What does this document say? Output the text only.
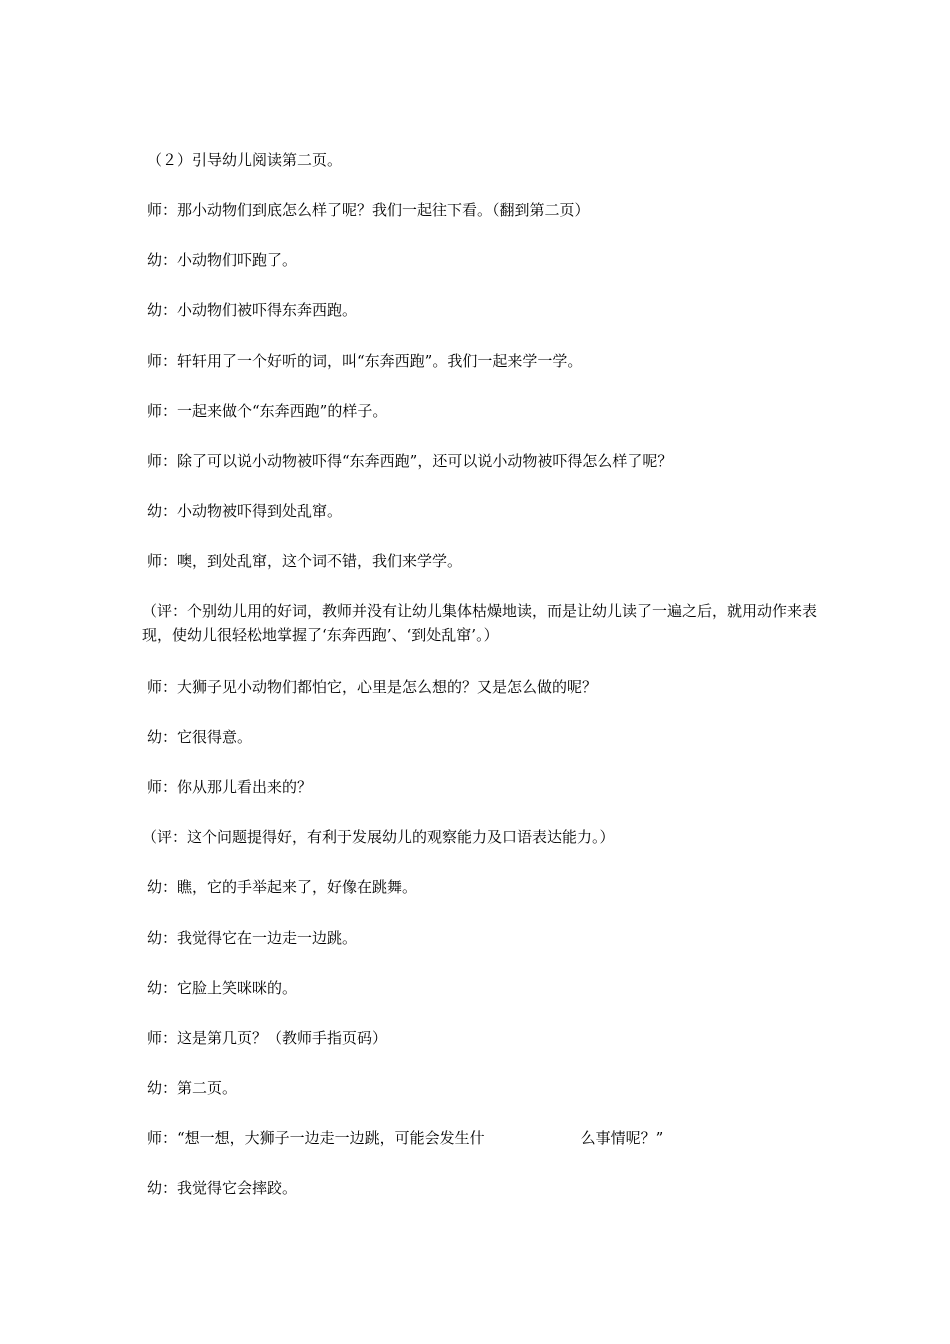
（２）引导幼儿阅读第二页。
师：那小动物们到底怎么样了呢？我们一起往下看。（翻到第二页）
幼：小动物们吓跑了。
幼：小动物们被吓得东奔西跑。
师：轩轩用了一个好听的词，叫“东奔西跑”。我们一起来学一学。
师：一起来做个“东奔西跑”的样子。
师：除了可以说小动物被吓得“东奔西跑”，还可以说小动物被吓得怎么样了呢？
幼：小动物被吓得到处乱窜。
师：噢，到处乱窜，这个词不错，我们来学学。
（评：个别幼儿用的好词，教师并没有让幼儿集体枯燥地读，而是让幼儿读了一遍之后，就用动作来表现，使幼儿很轻松地掌握了‘东奔西跑’、‘到处乱窜’。）
师：大狮子见小动物们都怕它，心里是怎么想的？又是怎么做的呢？
幼：它很得意。
师：你从那儿看出来的？
（评：这个问题提得好，有利于发展幼儿的观察能力及口语表达能力。）
幼：瞧，它的手举起来了，好像在跳舞。
幼：我觉得它在一边走一边跳。
幼：它脸上笑咪咪的。
师：这是第几页？（教师手指页码）
幼：第二页。
师：“想一想，大狮子一边走一边跳，可能会发生什	么事情呢？”
幼：我觉得它会摔跤。
